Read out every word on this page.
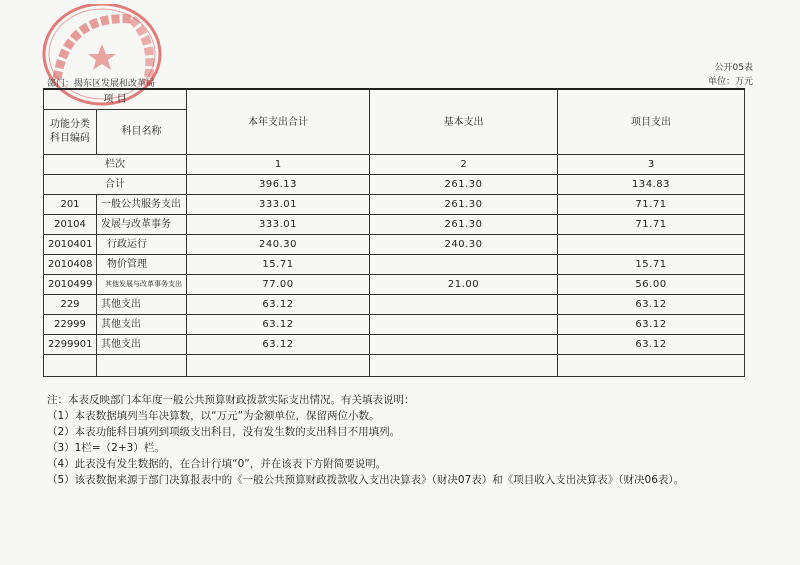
部门：揭东区发展和改革局
公开05表
单位：万元
项 目		本年支出合计	基本支出	项目支出
功能分类科目编码	科目名称			
栏次		1	2	3
合计		396.13	261.30	134.83
201	一般公共服务支出	333.01	261.30	71.71
20104	发展与改革事务	333.01	261.30	71.71
2010401	行政运行	240.30	240.30	
2010408	物价管理	15.71		15.71
2010499	其他发展与改革事务支出	77.00	21.00	56.00
229	其他支出	63.12		63.12
22999	其他支出	63.12		63.12
2299901	其他支出	63.12		63.12

注：本表反映部门本年度一般公共预算财政拨款实际支出情况。有关填表说明：
（1）本表数据填列当年决算数，以“万元”为金额单位，保留两位小数。
（2）本表功能科目填列到项级支出科目，没有发生数的支出科目不用填列。
（3）1栏=（2+3）栏。
（4）此表没有发生数据的，在合计行填“0”，并在该表下方附简要说明。
（5）该表数据来源于部门决算报表中的《一般公共预算财政拨款收入支出决算表》（财决07表）和《项目收入支出决算表》（财决06表）。
